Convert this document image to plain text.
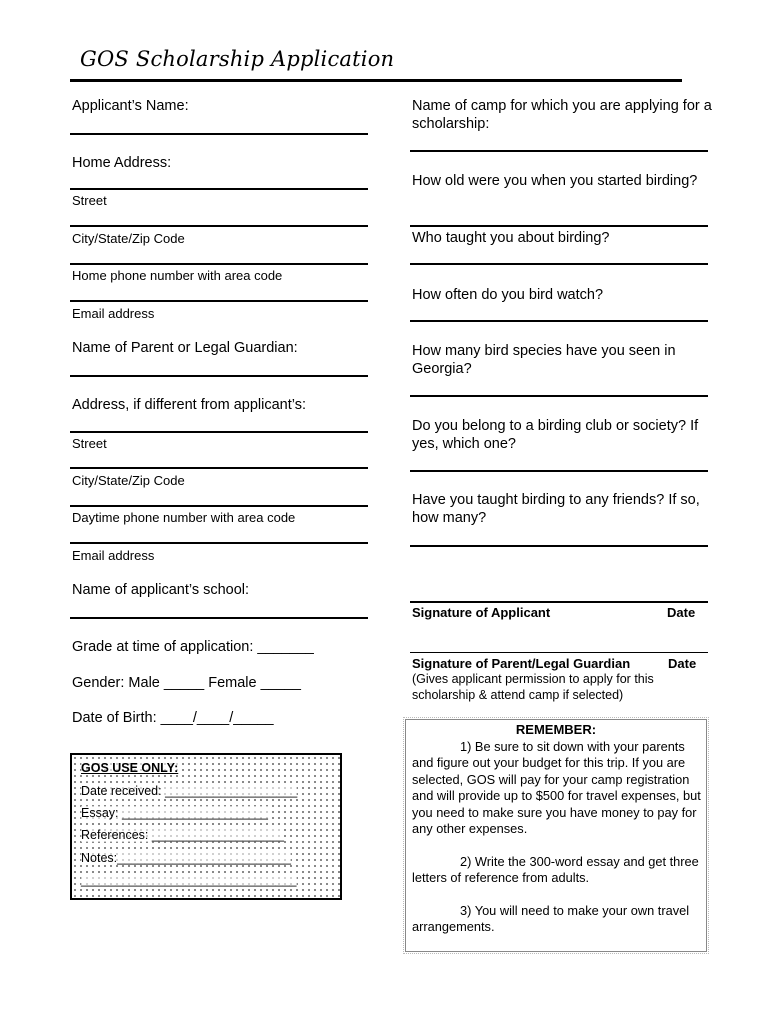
GOS Scholarship Application
Applicant’s Name:
Home Address:
Street
City/State/Zip Code
Home phone number with area code
Email address
Name of Parent or Legal Guardian:
Address, if different from applicant’s:
Street
City/State/Zip Code
Daytime phone number with area code
Email address
Name of applicant’s school:
Grade at time of application: _______
Gender: Male _____ Female _____
Date of Birth: ____/____/_____
GOS USE ONLY:
Date received: ___________________
Essay: _____________________
References: ___________________
Notes:_________________________
_______________________________
Name of camp for which you are applying for a scholarship:
How old were you when you started birding?
Who taught you about birding?
How often do you bird watch?
How many bird species have you seen in Georgia?
Do you belong to a birding club or society? If yes, which one?
Have you taught birding to any friends? If so, how many?
Signature of Applicant	Date
Signature of Parent/Legal Guardian	Date
(Gives applicant permission to apply for this scholarship & attend camp if selected)
REMEMBER:
1) Be sure to sit down with your parents and figure out your budget for this trip. If you are selected, GOS will pay for your camp registration and will provide up to $500 for travel expenses, but you need to make sure you have money to pay for any other expenses.
2) Write the 300-word essay and get three letters of reference from adults.
3) You will need to make your own travel arrangements.
